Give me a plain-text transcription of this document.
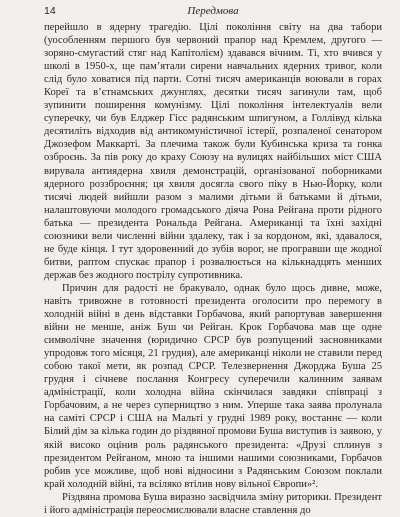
14	Передмова

перейшло в ядерну трагедію. Цілі покоління світу на два табори (уособленням першого був червоний прапор над Кремлем, другого — зоряно-смугастий стяг над Капітолієм) здавався вічним. Ті, хто вчився у школі в 1950-х, ще пам’ятали сирени навчальних ядерних тривог, коли слід було ховатися під парти. Сотні тисяч американців воювали в горах Кореї та в’єтнамських джунглях, десятки тисяч загинули там, щоб зупинити поширення комунізму. Цілі покоління інтелектуалів вели суперечку, чи був Елджер Гісс радянським шпигуном, а Голлівуд кілька десятиліть відходив від антикомуністичної істерії, розпаленої сенатором Джозефом Маккартi. За плечима також були Кубинська криза та гонка озброєнь. За пів року до краху Союзу на вулицях найбільших міст США вирувала антиядерна хвиля демонстрацій, організованої поборниками ядерного роззброєння; ця хвиля досягла свого піку в Нью-Йорку, коли тисячі людей вийшли разом з малими дітьми й батьками й дітьми, налаштовуючи молодого громадського діяча Рона Рейгана проти рідного батька — президента Рональда Рейгана. Американці та їхні західні союзники вели численні війни здалеку, так і за кордоном, які, здавалося, не буде кінця. І тут здоровенний до зубів ворог, не програвши ще жодної битви, раптом спускає прапор і розвалюється на кількнадцять менших держав без жодного пострілу супротивника.

Причин для радості не бракувало, однак було щось дивне, може, навіть тривожне в готовності президента оголосити про перемогу в холодній війні в день відставки Горбачова, який рапортував завершення війни не менше, аніж Буш чи Рейган. Крок Горбачова мав ще одне символічне значення (юридично СРСР був розпущений засновниками упродовж того місяця, 21 грудня), але американці ніколи не ставили перед собою такої мети, як розпад СРСР. Телезвернення Джорджа Буша 25 грудня і січневе послання Конгресу суперечили калинним заявам адміністрації, коли холодна війна скінчилася завдяки співпраці з Горбачовим, а не через суперництво з ним. Уперше така заява пролунала на саміті СРСР і США на Мальті у грудні 1989 року, востаннє — коли Білий дім за кілька годин до різдвяної промови Буша виступив із заявою, у якій високо оцінив роль радянського президента: «Друзі сплинув з президентом Рейганом, мною та іншими нашими союзниками, Горбачов робив усе можливе, щоб нові відносини з Радянським Союзом поклали край холодній війні, та всіляко втілив нову вільної Європи»².

Різдвяна промова Буша виразно засвідчила зміну риторики. Президент і його адміністрація переосмислювали власне ставлення до
